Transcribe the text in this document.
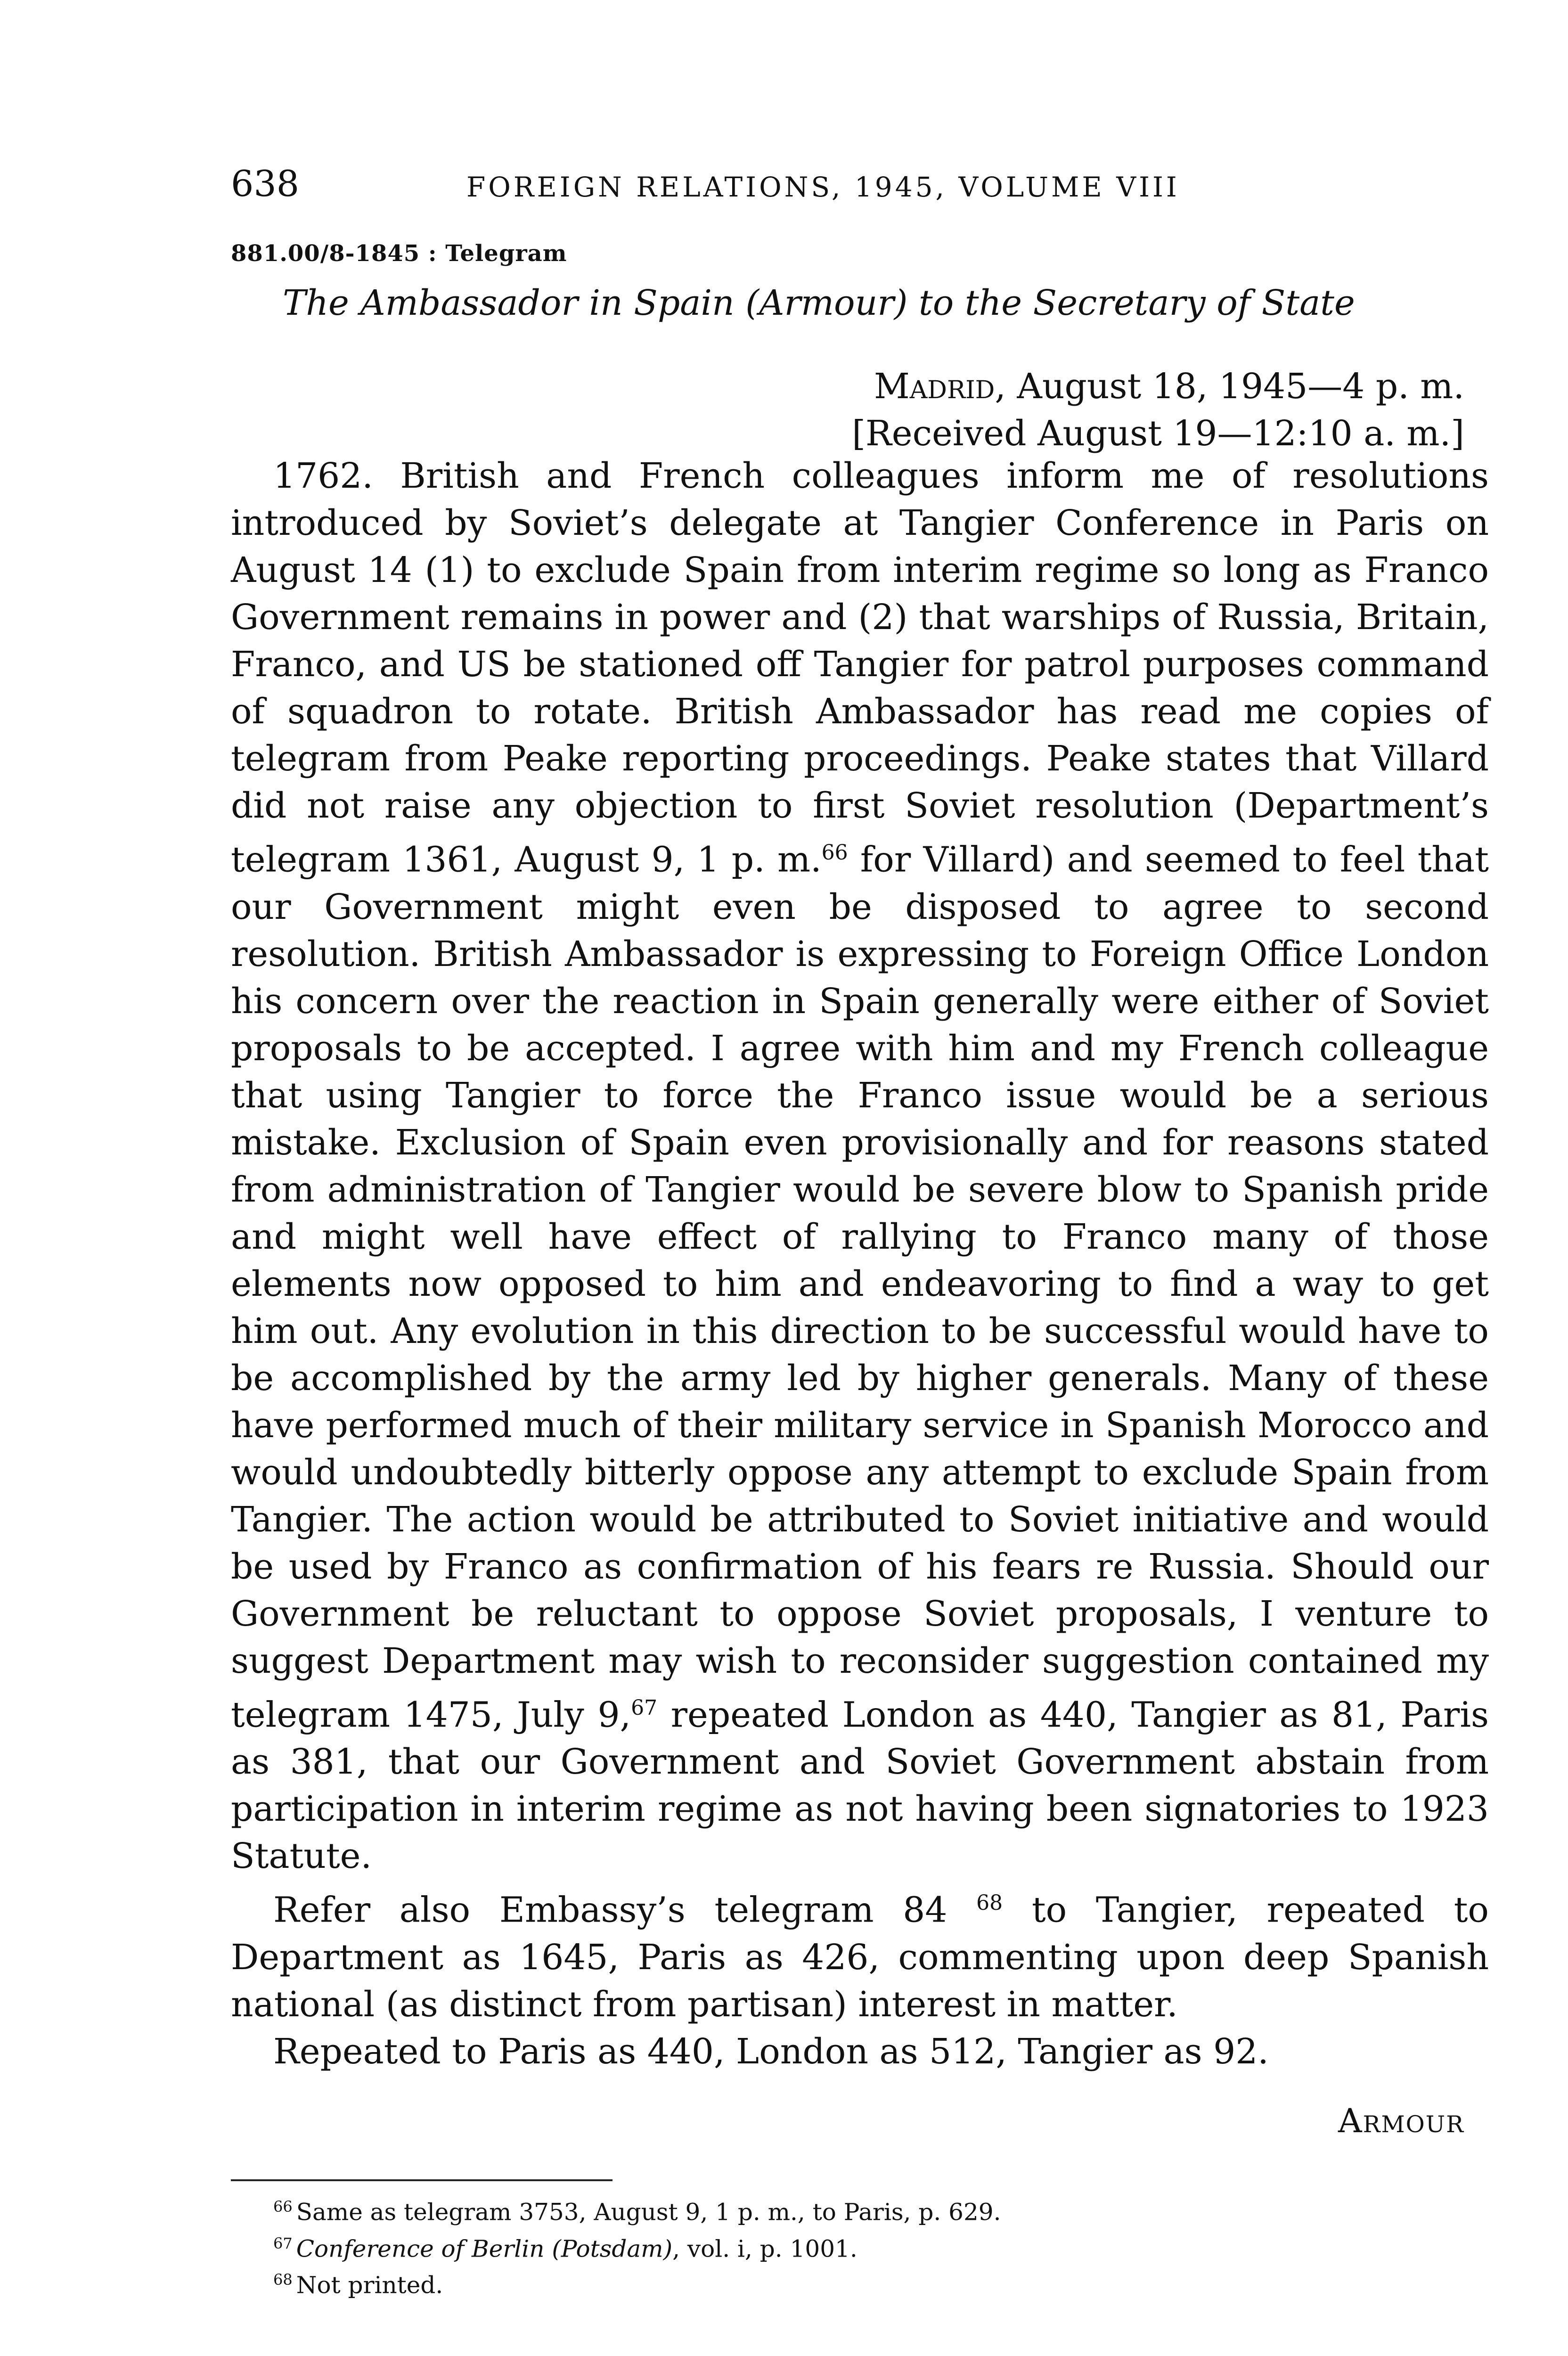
638	FOREIGN RELATIONS, 1945, VOLUME VIII
881.00/8-1845 : Telegram
The Ambassador in Spain (Armour) to the Secretary of State
Madrid, August 18, 1945—4 p. m.
[Received August 19—12:10 a. m.]

1762. British and French colleagues inform me of resolutions introduced by Soviet’s delegate at Tangier Conference in Paris on August 14 (1) to exclude Spain from interim regime so long as Franco Government remains in power and (2) that warships of Russia, Britain, Franco, and US be stationed off Tangier for patrol purposes command of squadron to rotate. British Ambassador has read me copies of telegram from Peake reporting proceedings. Peake states that Villard did not raise any objection to first Soviet resolution (Department’s telegram 1361, August 9, 1 p. m.$^{66}$ for Villard) and seemed to feel that our Government might even be disposed to agree to second resolution. British Ambassador is expressing to Foreign Office London his concern over the reaction in Spain generally were either of Soviet proposals to be accepted. I agree with him and my French colleague that using Tangier to force the Franco issue would be a serious mistake. Exclusion of Spain even provisionally and for reasons stated from administration of Tangier would be severe blow to Spanish pride and might well have effect of rallying to Franco many of those elements now opposed to him and endeavoring to find a way to get him out. Any evolution in this direction to be successful would have to be accomplished by the army led by higher generals. Many of these have performed much of their military service in Spanish Morocco and would undoubtedly bitterly oppose any attempt to exclude Spain from Tangier. The action would be attributed to Soviet initiative and would be used by Franco as confirmation of his fears re Russia. Should our Government be reluctant to oppose Soviet proposals, I venture to suggest Department may wish to reconsider suggestion contained my telegram 1475, July 9,67 repeated London as 440, Tangier as 81, Paris as 381, that our Government and Soviet Government abstain from participation in interim regime as not having been signatories to 1923 Statute.

Refer also Embassy’s telegram 84 $^{68}$ to Tangier, repeated to Department as 1645, Paris as 426, commenting upon deep Spanish national (as distinct from partisan) interest in matter.

Repeated to Paris as 440, London as 512, Tangier as 92.

Armour
$^{66}$ Same as telegram 3753, August 9, 1 p. m., to Paris, p. 629.
$^{67}$ Conference of Berlin (Potsdam), vol. i, p. 1001.
$^{68}$ Not printed.
